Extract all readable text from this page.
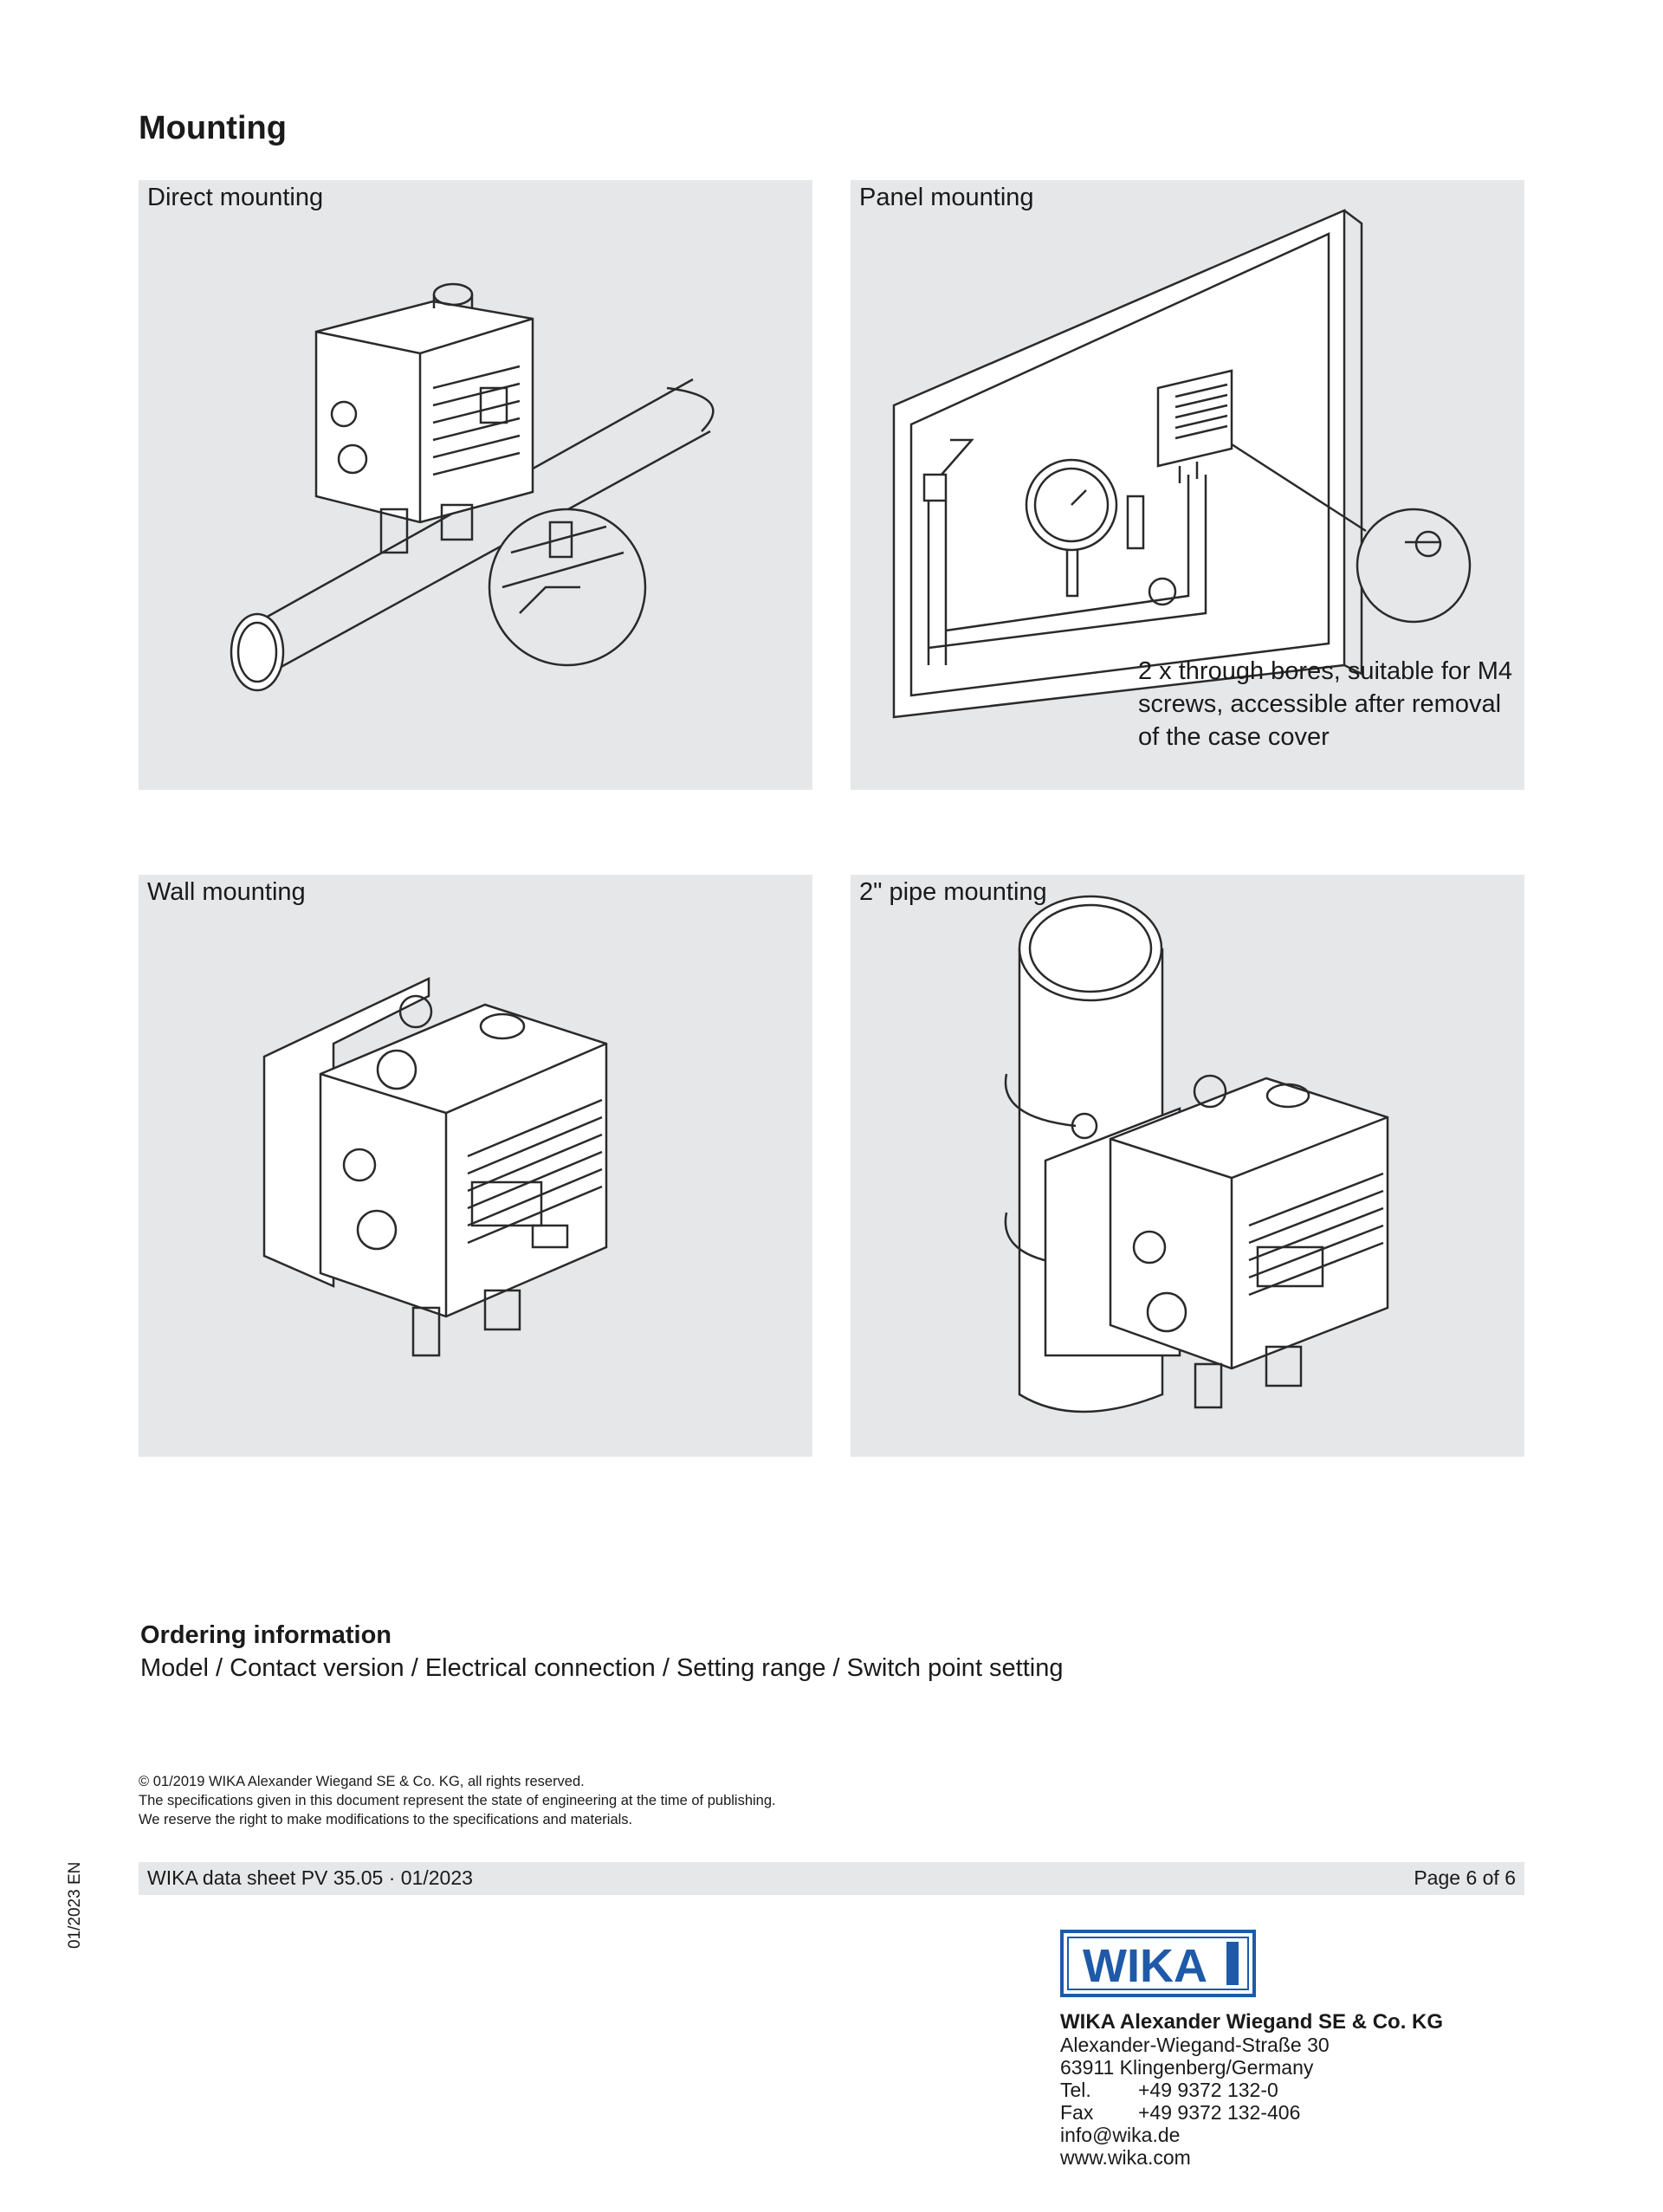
Mounting
Direct mounting	Panel mounting
2 x through bores, suitable for M4
screws, accessible after removal
of the case cover
Wall mounting	2" pipe mounting
Ordering information
Model / Contact version / Electrical connection / Setting range / Switch point setting
© 01/2019 WIKA Alexander Wiegand SE & Co. KG, all rights reserved.
The specifications given in this document represent the state of engineering at the time of publishing.
We reserve the right to make modifications to the specifications and materials.
WIKA data sheet PV 35.05 · 01/2023	Page 6 of 6
01/2023 EN
WIKA
WIKA Alexander Wiegand SE & Co. KG
Alexander-Wiegand-Straße 30
63911 Klingenberg/Germany
Tel. +49 9372 132-0
Fax +49 9372 132-406
info@wika.de
www.wika.com
